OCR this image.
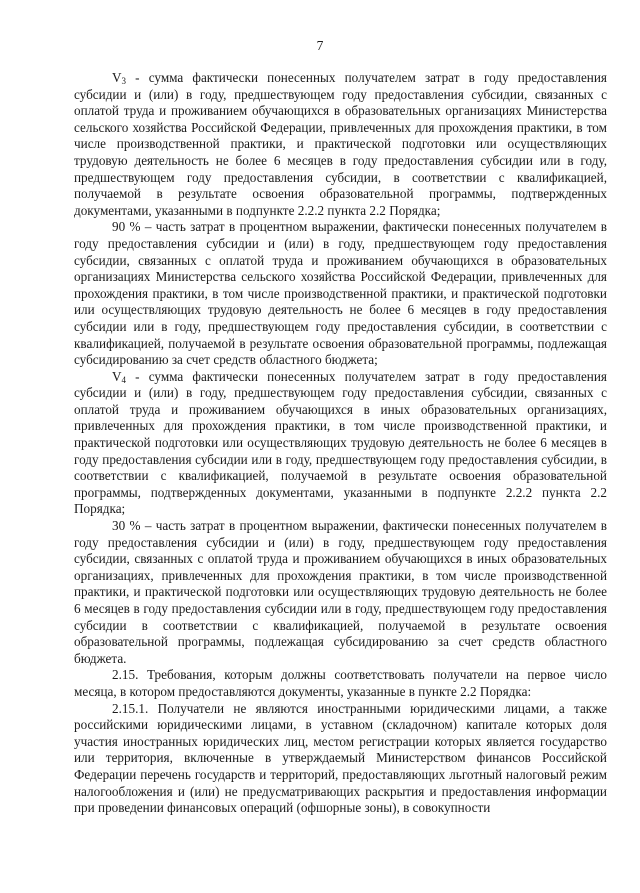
7

$V_3$ - сумма фактически понесенных получателем затрат в году предоставления субсидии и (или) в году, предшествующем году предоставления субсидии, связанных с оплатой труда и проживанием обучающихся в образовательных организациях Министерства сельского хозяйства Российской Федерации, привлеченных для прохождения практики, в том числе производственной практики, и практической подготовки или осуществляющих трудовую деятельность не более 6 месяцев в году предоставления субсидии или в году, предшествующем году предоставления субсидии, в соответствии с квалификацией, получаемой в результате освоения образовательной программы, подтвержденных документами, указанными в подпункте 2.2.2 пункта 2.2 Порядка;

90 % – часть затрат в процентном выражении, фактически понесенных получателем в году предоставления субсидии и (или) в году, предшествующем году предоставления субсидии, связанных с оплатой труда и проживанием обучающихся в образовательных организациях Министерства сельского хозяйства Российской Федерации, привлеченных для прохождения практики, в том числе производственной практики, и практической подготовки или осуществляющих трудовую деятельность не более 6 месяцев в году предоставления субсидии или в году, предшествующем году предоставления субсидии, в соответствии с квалификацией, получаемой в результате освоения образовательной программы, подлежащая субсидированию за счет средств областного бюджета;

$V_4$ - сумма фактически понесенных получателем затрат в году предоставления субсидии и (или) в году, предшествующем году предоставления субсидии, связанных с оплатой труда и проживанием обучающихся в иных образовательных организациях, привлеченных для прохождения практики, в том числе производственной практики, и практической подготовки или осуществляющих трудовую деятельность не более 6 месяцев в году предоставления субсидии или в году, предшествующем году предоставления субсидии, в соответствии с квалификацией, получаемой в результате освоения образовательной программы, подтвержденных документами, указанными в подпункте 2.2.2 пункта 2.2 Порядка;

30 % – часть затрат в процентном выражении, фактически понесенных получателем в году предоставления субсидии и (или) в году, предшествующем году предоставления субсидии, связанных с оплатой труда и проживанием обучающихся в иных образовательных организациях, привлеченных для прохождения практики, в том числе производственной практики, и практической подготовки или осуществляющих трудовую деятельность не более 6 месяцев в году предоставления субсидии или в году, предшествующем году предоставления субсидии в соответствии с квалификацией, получаемой в результате освоения образовательной программы, подлежащая субсидированию за счет средств областного бюджета.

2.15. Требования, которым должны соответствовать получатели на первое число месяца, в котором предоставляются документы, указанные в пункте 2.2 Порядка:

2.15.1. Получатели не являются иностранными юридическими лицами, а также российскими юридическими лицами, в уставном (складочном) капитале которых доля участия иностранных юридических лиц, местом регистрации которых является государство или территория, включенные в утверждаемый Министерством финансов Российской Федерации перечень государств и территорий, предоставляющих льготный налоговый режим налогообложения и (или) не предусматривающих раскрытия и предоставления информации при проведении финансовых операций (офшорные зоны), в совокупности
